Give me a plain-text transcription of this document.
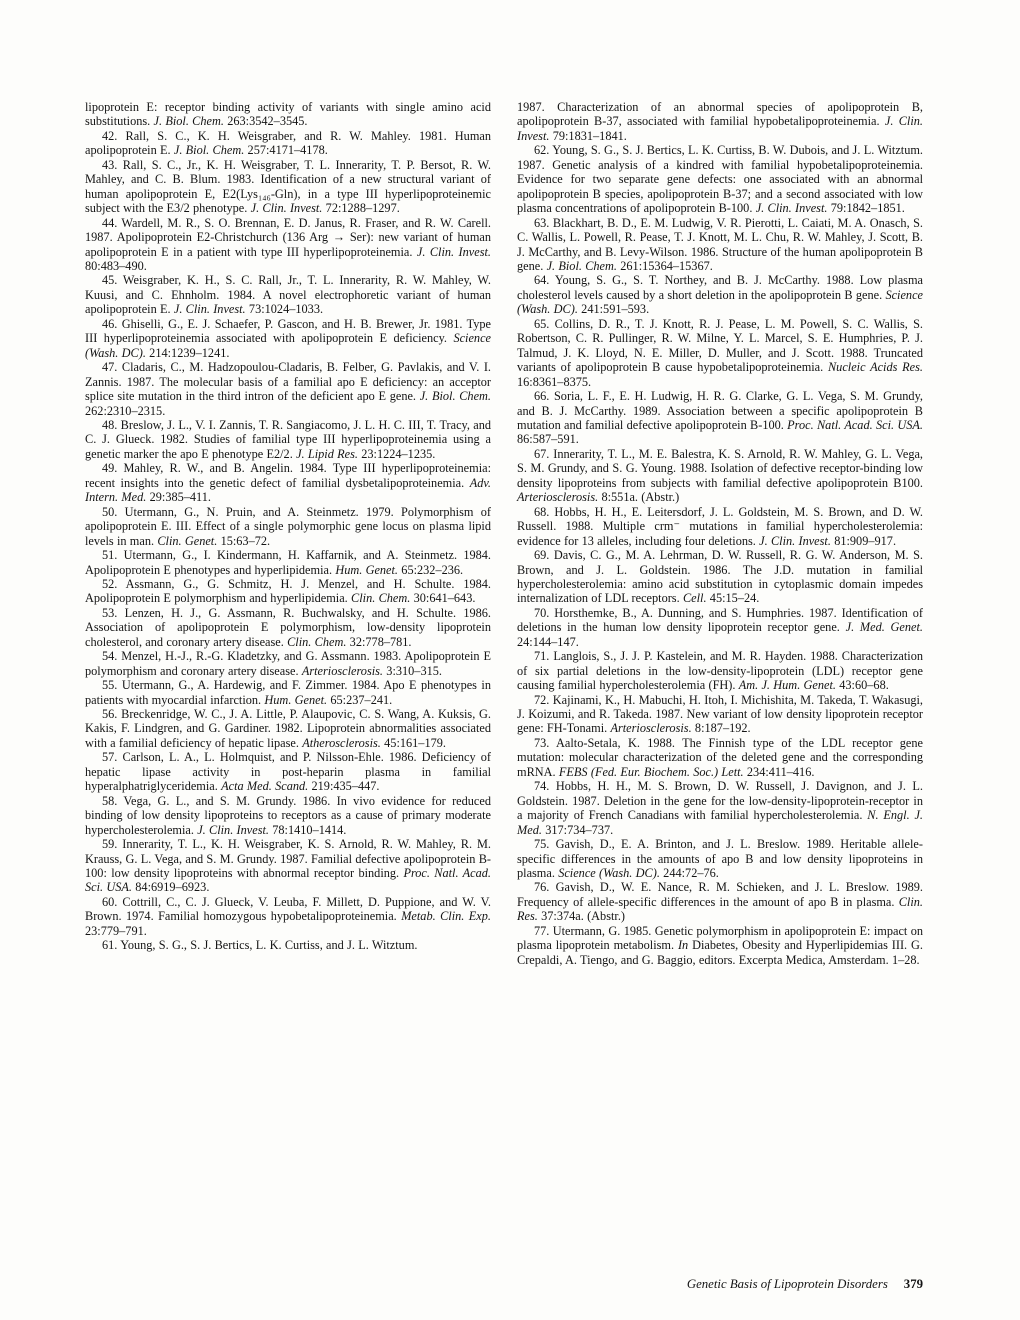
lipoprotein E: receptor binding activity of variants with single amino acid substitutions. J. Biol. Chem. 263:3542–3545.

42. Rall, S. C., K. H. Weisgraber, and R. W. Mahley. 1981. Human apolipoprotein E. J. Biol. Chem. 257:4171–4178.

43. Rall, S. C., Jr., K. H. Weisgraber, T. L. Innerarity, T. P. Bersot, R. W. Mahley, and C. B. Blum. 1983. Identification of a new structural variant of human apolipoprotein E, E2(Lys₁₄₆-Gln), in a type III hyperlipoproteinemic subject with the E3/2 phenotype. J. Clin. Invest. 72:1288–1297.

44. Wardell, M. R., S. O. Brennan, E. D. Janus, R. Fraser, and R. W. Carell. 1987. Apolipoprotein E2-Christchurch (136 Arg → Ser): new variant of human apolipoprotein E in a patient with type III hyperlipoproteinemia. J. Clin. Invest. 80:483–490.

45. Weisgraber, K. H., S. C. Rall, Jr., T. L. Innerarity, R. W. Mahley, W. Kuusi, and C. Ehnholm. 1984. A novel electrophoretic variant of human apolipoprotein E. J. Clin. Invest. 73:1024–1033.

46. Ghiselli, G., E. J. Schaefer, P. Gascon, and H. B. Brewer, Jr. 1981. Type III hyperlipoproteinemia associated with apolipoprotein E deficiency. Science (Wash. DC). 214:1239–1241.

47. Cladaris, C., M. Hadzopoulou-Cladaris, B. Felber, G. Pavlakis, and V. I. Zannis. 1987. The molecular basis of a familial apo E deficiency: an acceptor splice site mutation in the third intron of the deficient apo E gene. J. Biol. Chem. 262:2310–2315.

48. Breslow, J. L., V. I. Zannis, T. R. Sangiacomo, J. L. H. C. III, T. Tracy, and C. J. Glueck. 1982. Studies of familial type III hyperlipoproteinemia using a genetic marker the apo E phenotype E2/2. J. Lipid Res. 23:1224–1235.

49. Mahley, R. W., and B. Angelin. 1984. Type III hyperlipoproteinemia: recent insights into the genetic defect of familial dysbetalipoproteinemia. Adv. Intern. Med. 29:385–411.

50. Utermann, G., N. Pruin, and A. Steinmetz. 1979. Polymorphism of apolipoprotein E. III. Effect of a single polymorphic gene locus on plasma lipid levels in man. Clin. Genet. 15:63–72.

51. Utermann, G., I. Kindermann, H. Kaffarnik, and A. Steinmetz. 1984. Apolipoprotein E phenotypes and hyperlipidemia. Hum. Genet. 65:232–236.

52. Assmann, G., G. Schmitz, H. J. Menzel, and H. Schulte. 1984. Apolipoprotein E polymorphism and hyperlipidemia. Clin. Chem. 30:641–643.

53. Lenzen, H. J., G. Assmann, R. Buchwalsky, and H. Schulte. 1986. Association of apolipoprotein E polymorphism, low-density lipoprotein cholesterol, and coronary artery disease. Clin. Chem. 32:778–781.

54. Menzel, H.-J., R.-G. Kladetzky, and G. Assmann. 1983. Apolipoprotein E polymorphism and coronary artery disease. Arteriosclerosis. 3:310–315.

55. Utermann, G., A. Hardewig, and F. Zimmer. 1984. Apo E phenotypes in patients with myocardial infarction. Hum. Genet. 65:237–241.

56. Breckenridge, W. C., J. A. Little, P. Alaupovic, C. S. Wang, A. Kuksis, G. Kakis, F. Lindgren, and G. Gardiner. 1982. Lipoprotein abnormalities associated with a familial deficiency of hepatic lipase. Atherosclerosis. 45:161–179.

57. Carlson, L. A., L. Holmquist, and P. Nilsson-Ehle. 1986. Deficiency of hepatic lipase activity in post-heparin plasma in familial hyperalphatriglyceridemia. Acta Med. Scand. 219:435–447.

58. Vega, G. L., and S. M. Grundy. 1986. In vivo evidence for reduced binding of low density lipoproteins to receptors as a cause of primary moderate hypercholesterolemia. J. Clin. Invest. 78:1410–1414.

59. Innerarity, T. L., K. H. Weisgraber, K. S. Arnold, R. W. Mahley, R. M. Krauss, G. L. Vega, and S. M. Grundy. 1987. Familial defective apolipoprotein B-100: low density lipoproteins with abnormal receptor binding. Proc. Natl. Acad. Sci. USA. 84:6919–6923.

60. Cottrill, C., C. J. Glueck, V. Leuba, F. Millett, D. Puppione, and W. V. Brown. 1974. Familial homozygous hypobetalipoproteinemia. Metab. Clin. Exp. 23:779–791.

61. Young, S. G., S. J. Bertics, L. K. Curtiss, and J. L. Witztum.

1987. Characterization of an abnormal species of apolipoprotein B, apolipoprotein B-37, associated with familial hypobetalipoproteinemia. J. Clin. Invest. 79:1831–1841.

62. Young, S. G., S. J. Bertics, L. K. Curtiss, B. W. Dubois, and J. L. Witztum. 1987. Genetic analysis of a kindred with familial hypobetalipoproteinemia. Evidence for two separate gene defects: one associated with an abnormal apolipoprotein B species, apolipoprotein B-37; and a second associated with low plasma concentrations of apolipoprotein B-100. J. Clin. Invest. 79:1842–1851.

63. Blackhart, B. D., E. M. Ludwig, V. R. Pierotti, L. Caiati, M. A. Onasch, S. C. Wallis, L. Powell, R. Pease, T. J. Knott, M. L. Chu, R. W. Mahley, J. Scott, B. J. McCarthy, and B. Levy-Wilson. 1986. Structure of the human apolipoprotein B gene. J. Biol. Chem. 261:15364–15367.

64. Young, S. G., S. T. Northey, and B. J. McCarthy. 1988. Low plasma cholesterol levels caused by a short deletion in the apolipoprotein B gene. Science (Wash. DC). 241:591–593.

65. Collins, D. R., T. J. Knott, R. J. Pease, L. M. Powell, S. C. Wallis, S. Robertson, C. R. Pullinger, R. W. Milne, Y. L. Marcel, S. E. Humphries, P. J. Talmud, J. K. Lloyd, N. E. Miller, D. Muller, and J. Scott. 1988. Truncated variants of apolipoprotein B cause hypobetalipoproteinemia. Nucleic Acids Res. 16:8361–8375.

66. Soria, L. F., E. H. Ludwig, H. R. G. Clarke, G. L. Vega, S. M. Grundy, and B. J. McCarthy. 1989. Association between a specific apolipoprotein B mutation and familial defective apolipoprotein B-100. Proc. Natl. Acad. Sci. USA. 86:587–591.

67. Innerarity, T. L., M. E. Balestra, K. S. Arnold, R. W. Mahley, G. L. Vega, S. M. Grundy, and S. G. Young. 1988. Isolation of defective receptor-binding low density lipoproteins from subjects with familial defective apolipoprotein B100. Arteriosclerosis. 8:551a. (Abstr.)

68. Hobbs, H. H., E. Leitersdorf, J. L. Goldstein, M. S. Brown, and D. W. Russell. 1988. Multiple crm⁻ mutations in familial hypercholesterolemia: evidence for 13 alleles, including four deletions. J. Clin. Invest. 81:909–917.

69. Davis, C. G., M. A. Lehrman, D. W. Russell, R. G. W. Anderson, M. S. Brown, and J. L. Goldstein. 1986. The J.D. mutation in familial hypercholesterolemia: amino acid substitution in cytoplasmic domain impedes internalization of LDL receptors. Cell. 45:15–24.

70. Horsthemke, B., A. Dunning, and S. Humphries. 1987. Identification of deletions in the human low density lipoprotein receptor gene. J. Med. Genet. 24:144–147.

71. Langlois, S., J. J. P. Kastelein, and M. R. Hayden. 1988. Characterization of six partial deletions in the low-density-lipoprotein (LDL) receptor gene causing familial hypercholesterolemia (FH). Am. J. Hum. Genet. 43:60–68.

72. Kajinami, K., H. Mabuchi, H. Itoh, I. Michishita, M. Takeda, T. Wakasugi, J. Koizumi, and R. Takeda. 1987. New variant of low density lipoprotein receptor gene: FH-Tonami. Arteriosclerosis. 8:187–192.

73. Aalto-Setala, K. 1988. The Finnish type of the LDL receptor gene mutation: molecular characterization of the deleted gene and the corresponding mRNA. FEBS (Fed. Eur. Biochem. Soc.) Lett. 234:411–416.

74. Hobbs, H. H., M. S. Brown, D. W. Russell, J. Davignon, and J. L. Goldstein. 1987. Deletion in the gene for the low-density-lipoprotein-receptor in a majority of French Canadians with familial hypercholesterolemia. N. Engl. J. Med. 317:734–737.

75. Gavish, D., E. A. Brinton, and J. L. Breslow. 1989. Heritable allele-specific differences in the amounts of apo B and low density lipoproteins in plasma. Science (Wash. DC). 244:72–76.

76. Gavish, D., W. E. Nance, R. M. Schieken, and J. L. Breslow. 1989. Frequency of allele-specific differences in the amount of apo B in plasma. Clin. Res. 37:374a. (Abstr.)

77. Utermann, G. 1985. Genetic polymorphism in apolipoprotein E: impact on plasma lipoprotein metabolism. In Diabetes, Obesity and Hyperlipidemias III. G. Crepaldi, A. Tiengo, and G. Baggio, editors. Excerpta Medica, Amsterdam. 1–28.

Genetic Basis of Lipoprotein Disorders 379
